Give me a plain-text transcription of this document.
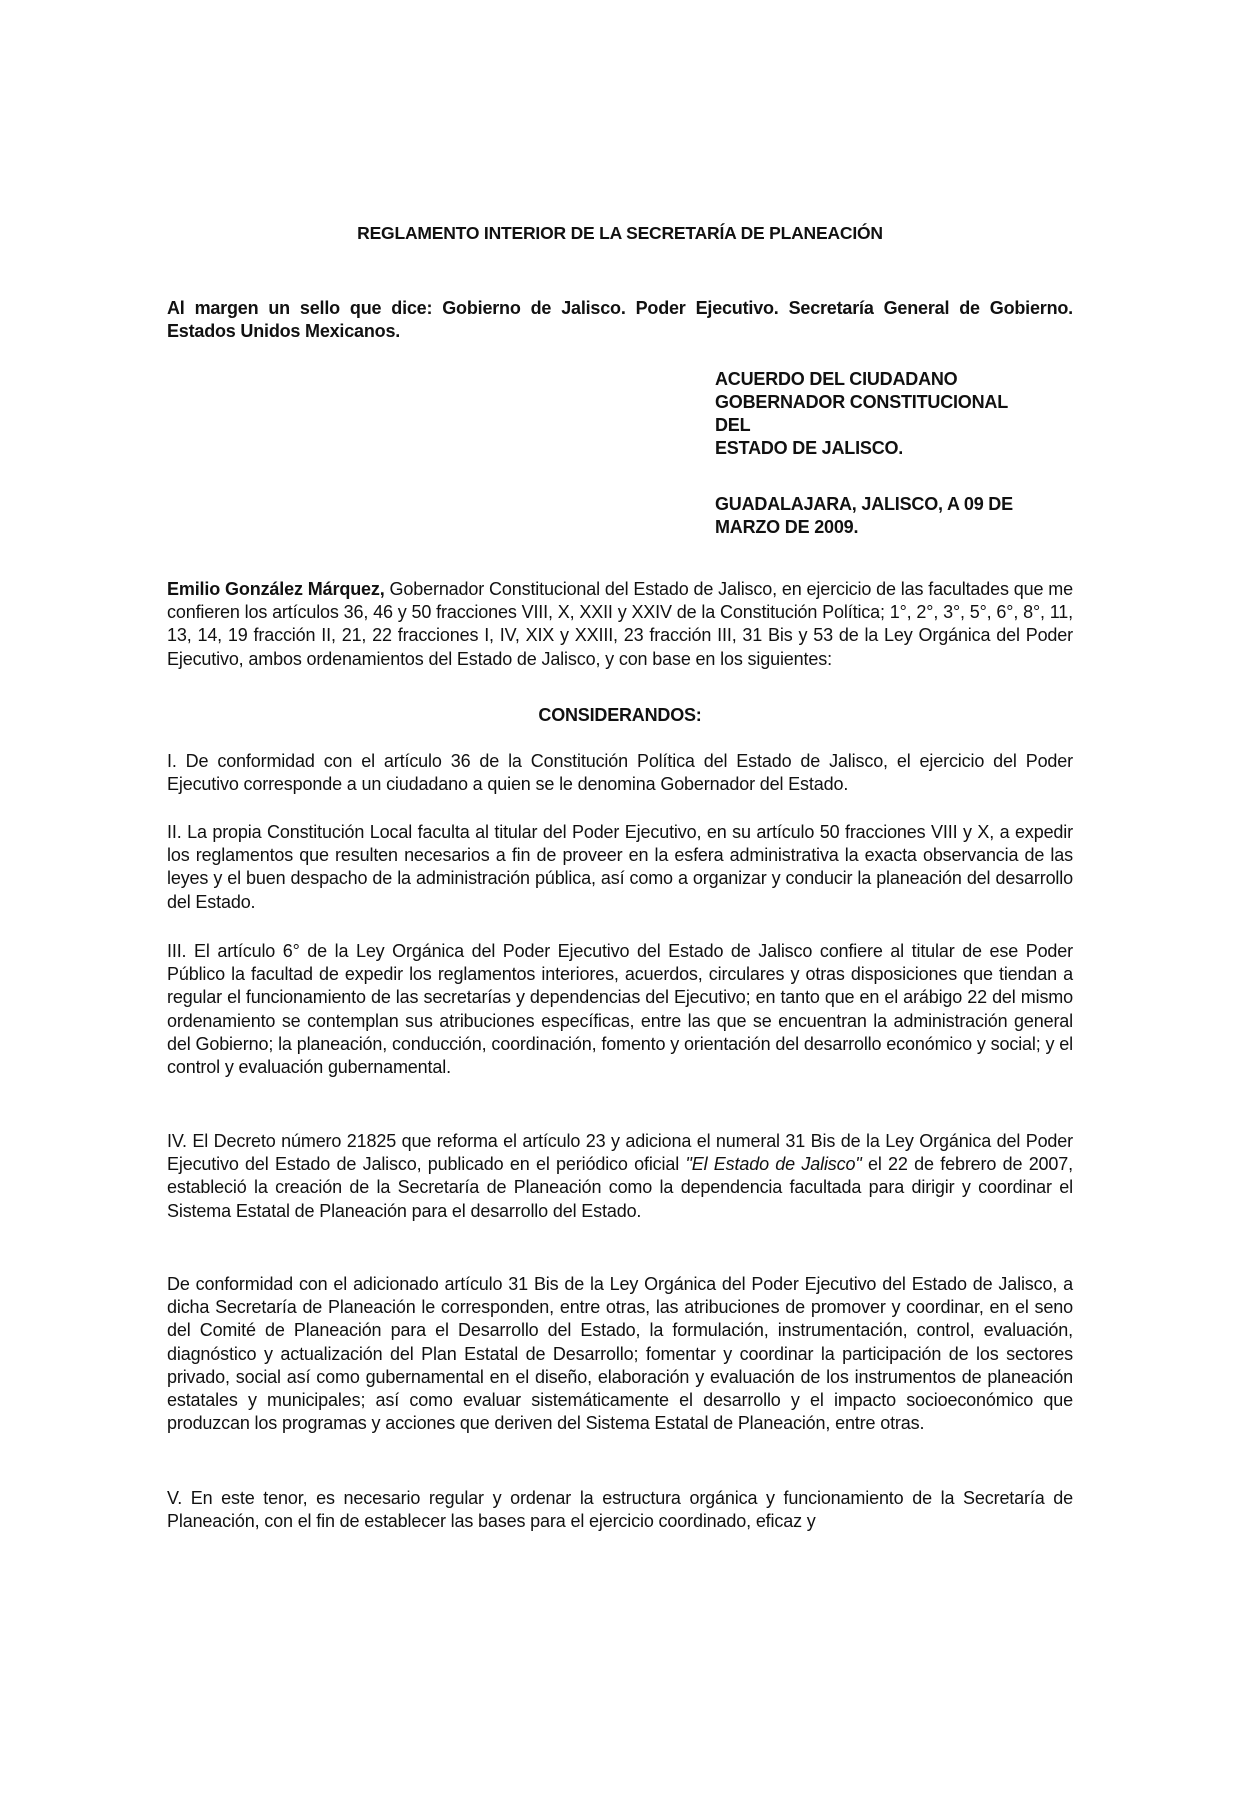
REGLAMENTO INTERIOR DE LA SECRETARÍA DE PLANEACIÓN
Al margen un sello que dice: Gobierno de Jalisco. Poder Ejecutivo. Secretaría General de Gobierno. Estados Unidos Mexicanos.
ACUERDO DEL CIUDADANO
GOBERNADOR CONSTITUCIONAL
DEL
ESTADO DE JALISCO.
GUADALAJARA, JALISCO, A 09 DE
MARZO DE 2009.
Emilio González Márquez, Gobernador Constitucional del Estado de Jalisco, en ejercicio de las facultades que me confieren los artículos 36, 46 y 50 fracciones VIII, X, XXII y XXIV de la Constitución Política; 1°, 2°, 3°, 5°, 6°, 8°, 11, 13, 14, 19 fracción II, 21, 22 fracciones I, IV, XIX y XXIII, 23 fracción III, 31 Bis y 53 de la Ley Orgánica del Poder Ejecutivo, ambos ordenamientos del Estado de Jalisco, y con base en los siguientes:
CONSIDERANDOS:
I. De conformidad con el artículo 36 de la Constitución Política del Estado de Jalisco, el ejercicio del Poder Ejecutivo corresponde a un ciudadano a quien se le denomina Gobernador del Estado.
II. La propia Constitución Local faculta al titular del Poder Ejecutivo, en su artículo 50 fracciones VIII y X, a expedir los reglamentos que resulten necesarios a fin de proveer en la esfera administrativa la exacta observancia de las leyes y el buen despacho de la administración pública, así como a organizar y conducir la planeación del desarrollo del Estado.
III. El artículo 6° de la Ley Orgánica del Poder Ejecutivo del Estado de Jalisco confiere al titular de ese Poder Público la facultad de expedir los reglamentos interiores, acuerdos, circulares y otras disposiciones que tiendan a regular el funcionamiento de las secretarías y dependencias del Ejecutivo; en tanto que en el arábigo 22 del mismo ordenamiento se contemplan sus atribuciones específicas, entre las que se encuentran la administración general del Gobierno; la planeación, conducción, coordinación, fomento y orientación del desarrollo económico y social; y el control y evaluación gubernamental.
IV. El Decreto número 21825 que reforma el artículo 23 y adiciona el numeral 31 Bis de la Ley Orgánica del Poder Ejecutivo del Estado de Jalisco, publicado en el periódico oficial "El Estado de Jalisco" el 22 de febrero de 2007, estableció la creación de la Secretaría de Planeación como la dependencia facultada para dirigir y coordinar el Sistema Estatal de Planeación para el desarrollo del Estado.
De conformidad con el adicionado artículo 31 Bis de la Ley Orgánica del Poder Ejecutivo del Estado de Jalisco, a dicha Secretaría de Planeación le corresponden, entre otras, las atribuciones de promover y coordinar, en el seno del Comité de Planeación para el Desarrollo del Estado, la formulación, instrumentación, control, evaluación, diagnóstico y actualización del Plan Estatal de Desarrollo; fomentar y coordinar la participación de los sectores privado, social así como gubernamental en el diseño, elaboración y evaluación de los instrumentos de planeación estatales y municipales; así como evaluar sistemáticamente el desarrollo y el impacto socioeconómico que produzcan los programas y acciones que deriven del Sistema Estatal de Planeación, entre otras.
V. En este tenor, es necesario regular y ordenar la estructura orgánica y funcionamiento de la Secretaría de Planeación, con el fin de establecer las bases para el ejercicio coordinado, eficaz y
